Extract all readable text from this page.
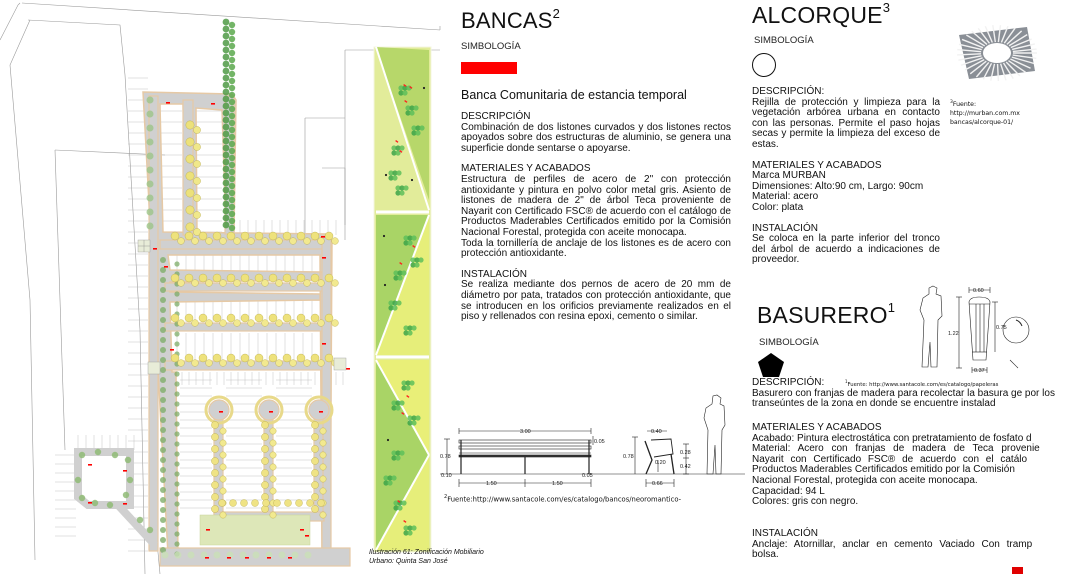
Ilustración 61: Zonificación Mobiliario
Urbano: Quinta San José
BANCAS$^2$
SIMBOLOGÍA
Banca Comunitaria de estancia temporal
DESCRIPCIÓN
Combinación de dos listones curvados y dos listones rectos apoyados sobre dos estructuras de aluminio, se genera una superficie donde sentarse o apoyarse.
MATERIALES Y ACABADOS
Estructura de perfiles de acero de 2" con protección antioxidante y pintura en polvo color metal gris. Asiento de listones de madera de 2" de árbol Teca proveniente de Nayarit con Certificado FSC® de acuerdo con el catálogo de Productos Maderables Certificados emitido por la Comisión Nacional Forestal, protegida con aceite monocapa.
Toda la tornillería de anclaje de los listones es de acero con protección antioxidante.
INSTALACIÓN
Se realiza mediante dos pernos de acero de 20 mm de diámetro por pata, tratados con protección antioxidante, que se introducen en los orificios previamente realizados en el piso y rellenados con resina epoxi, cemento o similar.
3.00
0.78
0.05
0.10
1.50	1.50
0.05
0.40
0.78
0.28
0.42
0.20
0.66
$^2$Fuente:http://www.santacole.com/es/catalogo/bancos/neoromantico-
ALCORQUE$^3$
SIMBOLOGÍA
DESCRIPCIÓN:
Rejilla de protección y limpieza para la vegetación arbórea urbana en contacto con las personas. Permite el paso hojas secas y permite la limpieza del exceso de estas.
MATERIALES Y ACABADOS
Marca MURBAN
Dimensiones: Alto:90 cm, Largo: 90cm
Material: acero
Color: plata
INSTALACIÓN
Se coloca en la parte inferior del tronco del árbol de acuerdo a indicaciones de proveedor.
$^3$Fuente:
http://murban.com.mx
bancas/alcorque-01/
BASURERO$^1$
SIMBOLOGÍA
DESCRIPCIÓN:
Basurero con franjas de madera para recolectar la basura ge por los transeúntes de la zona en donde se encuentre instalad
$^1$Fuente: http://www.santacole.com/es/catalogo/papeleras
MATERIALES Y ACABADOS
Acabado: Pintura electrostática con pretratamiento de fosfato d
Material: Acero con franjas de madera de Teca provenie
Nayarit con Certificado FSC® de acuerdo con el catálo
Productos Maderables Certificados emitido por la Comisión
Nacional Forestal, protegida con aceite monocapa.
Capacidad: 94 L
Colores: gris con negro.
INSTALACIÓN
Anclaje: Atornillar, anclar en cemento Vaciado Con tramp
bolsa.
0.60
1.22
0.75
0.37
